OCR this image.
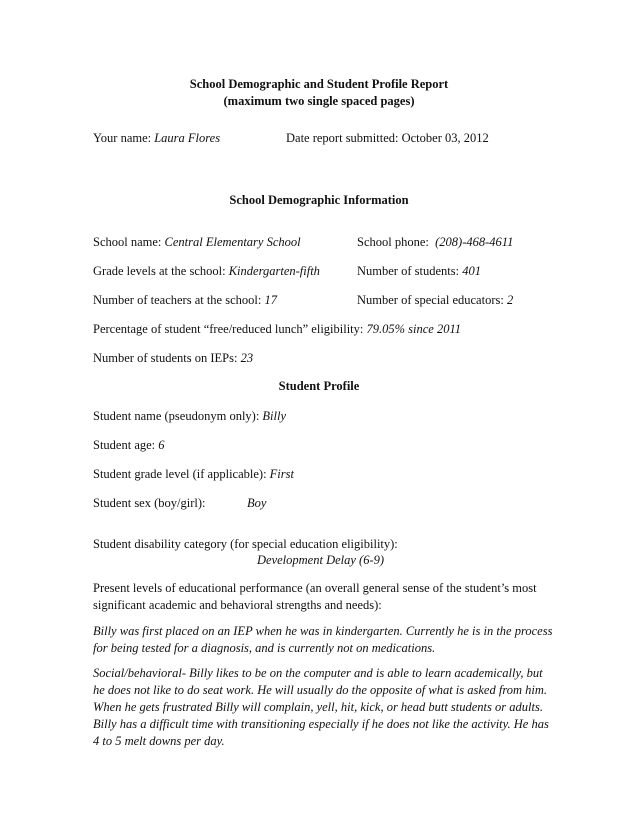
School Demographic and Student Profile Report
(maximum two single spaced pages)
Your name: Laura Flores	Date report submitted: October 03, 2012
School Demographic Information
School name: Central Elementary School	School phone: (208)-468-4611
Grade levels at the school: Kindergarten-fifth	Number of students: 401
Number of teachers at the school: 17	Number of special educators: 2
Percentage of student “free/reduced lunch” eligibility: 79.05% since 2011
Number of students on IEPs: 23
Student Profile
Student name (pseudonym only): Billy
Student age: 6
Student grade level (if applicable): First
Student sex (boy/girl):	Boy
Student disability category (for special education eligibility):
Development Delay (6-9)
Present levels of educational performance (an overall general sense of the student’s most significant academic and behavioral strengths and needs):
Billy was first placed on an IEP when he was in kindergarten. Currently he is in the process for being tested for a diagnosis, and is currently not on medications.
Social/behavioral- Billy likes to be on the computer and is able to learn academically, but he does not like to do seat work. He will usually do the opposite of what is asked from him. When he gets frustrated Billy will complain, yell, hit, kick, or head butt students or adults. Billy has a difficult time with transitioning especially if he does not like the activity. He has 4 to 5 melt downs per day.
